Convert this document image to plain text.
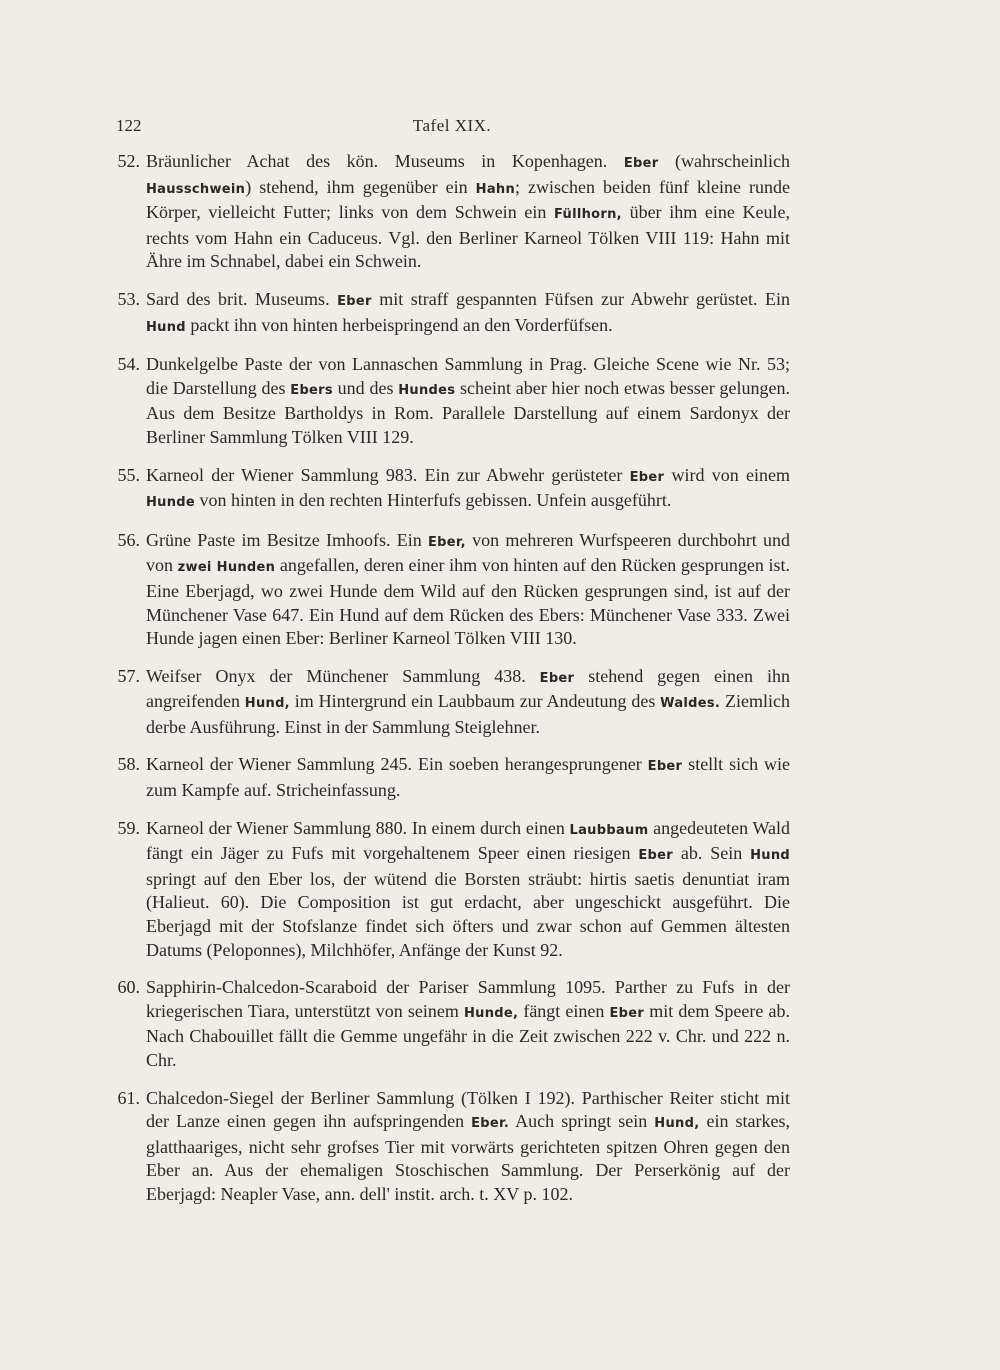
122	Tafel XIX.
52 . Bräunlicher Achat des kön. Museums in Kopenhagen. Eber (wahrscheinlich Hausschwein) stehend, ihm gegenüber ein Hahn; zwischen beiden fünf kleine runde Körper, vielleicht Futter; links von dem Schwein ein Füllhorn, über ihm eine Keule, rechts vom Hahn ein Caduceus. Vgl. den Berliner Karneol Tölken VIII 119: Hahn mit Ähre im Schnabel, dabei ein Schwein.
53 . Sard des brit. Museums. Eber mit straff gespannten Füfsen zur Abwehr gerüstet. Ein Hund packt ihn von hinten herbeispringend an den Vorderfüfsen.
54 . Dunkelgelbe Paste der von Lannaschen Sammlung in Prag. Gleiche Scene wie Nr. 53; die Darstellung des Ebers und des Hundes scheint aber hier noch etwas besser gelungen. Aus dem Besitze Bartholdys in Rom. Parallele Darstellung auf einem Sardonyx der Berliner Sammlung Tölken VIII 129.
55 . Karneol der Wiener Sammlung 983. Ein zur Abwehr gerüsteter Eber wird von einem Hunde von hinten in den rechten Hinterfufs gebissen. Unfein ausgeführt.
56 . Grüne Paste im Besitze Imhoofs. Ein Eber, von mehreren Wurfspeeren durchbohrt und von zwei Hunden angefallen, deren einer ihm von hinten auf den Rücken gesprungen ist. Eine Eberjagd, wo zwei Hunde dem Wild auf den Rücken gesprungen sind, ist auf der Münchener Vase 647. Ein Hund auf dem Rücken des Ebers: Münchener Vase 333. Zwei Hunde jagen einen Eber: Berliner Karneol Tölken VIII 130.
57 . Weifser Onyx der Münchener Sammlung 438. Eber stehend gegen einen ihn angreifenden Hund, im Hintergrund ein Laubbaum zur Andeutung des Waldes. Ziemlich derbe Ausführung. Einst in der Sammlung Steiglehner.
58 . Karneol der Wiener Sammlung 245. Ein soeben herangesprungener Eber stellt sich wie zum Kampfe auf. Stricheinfassung.
59 . Karneol der Wiener Sammlung 880. In einem durch einen Laubbaum angedeuteten Wald fängt ein Jäger zu Fufs mit vorgehaltenem Speer einen riesigen Eber ab. Sein Hund springt auf den Eber los, der wütend die Borsten sträubt: hirtis saetis denuntiat iram (Halieut. 60). Die Composition ist gut erdacht, aber ungeschickt ausgeführt. Die Eberjagd mit der Stofslanze findet sich öfters und zwar schon auf Gemmen ältesten Datums (Peloponnes), Milchhöfer, Anfänge der Kunst 92.
60 . Sapphirin-Chalcedon-Scaraboid der Pariser Sammlung 1095. Parther zu Fufs in der kriegerischen Tiara, unterstützt von seinem Hunde, fängt einen Eber mit dem Speere ab. Nach Chabouillet fällt die Gemme ungefähr in die Zeit zwischen 222 v. Chr. und 222 n. Chr.
61 . Chalcedon-Siegel der Berliner Sammlung (Tölken I 192). Parthischer Reiter sticht mit der Lanze einen gegen ihn aufspringenden Eber. Auch springt sein Hund, ein starkes, glatthaariges, nicht sehr grofses Tier mit vorwärts gerichteten spitzen Ohren gegen den Eber an. Aus der ehemaligen Stoschischen Sammlung. Der Perserkönig auf der Eberjagd: Neapler Vase, ann. dell' instit. arch. t. XV p. 102.
